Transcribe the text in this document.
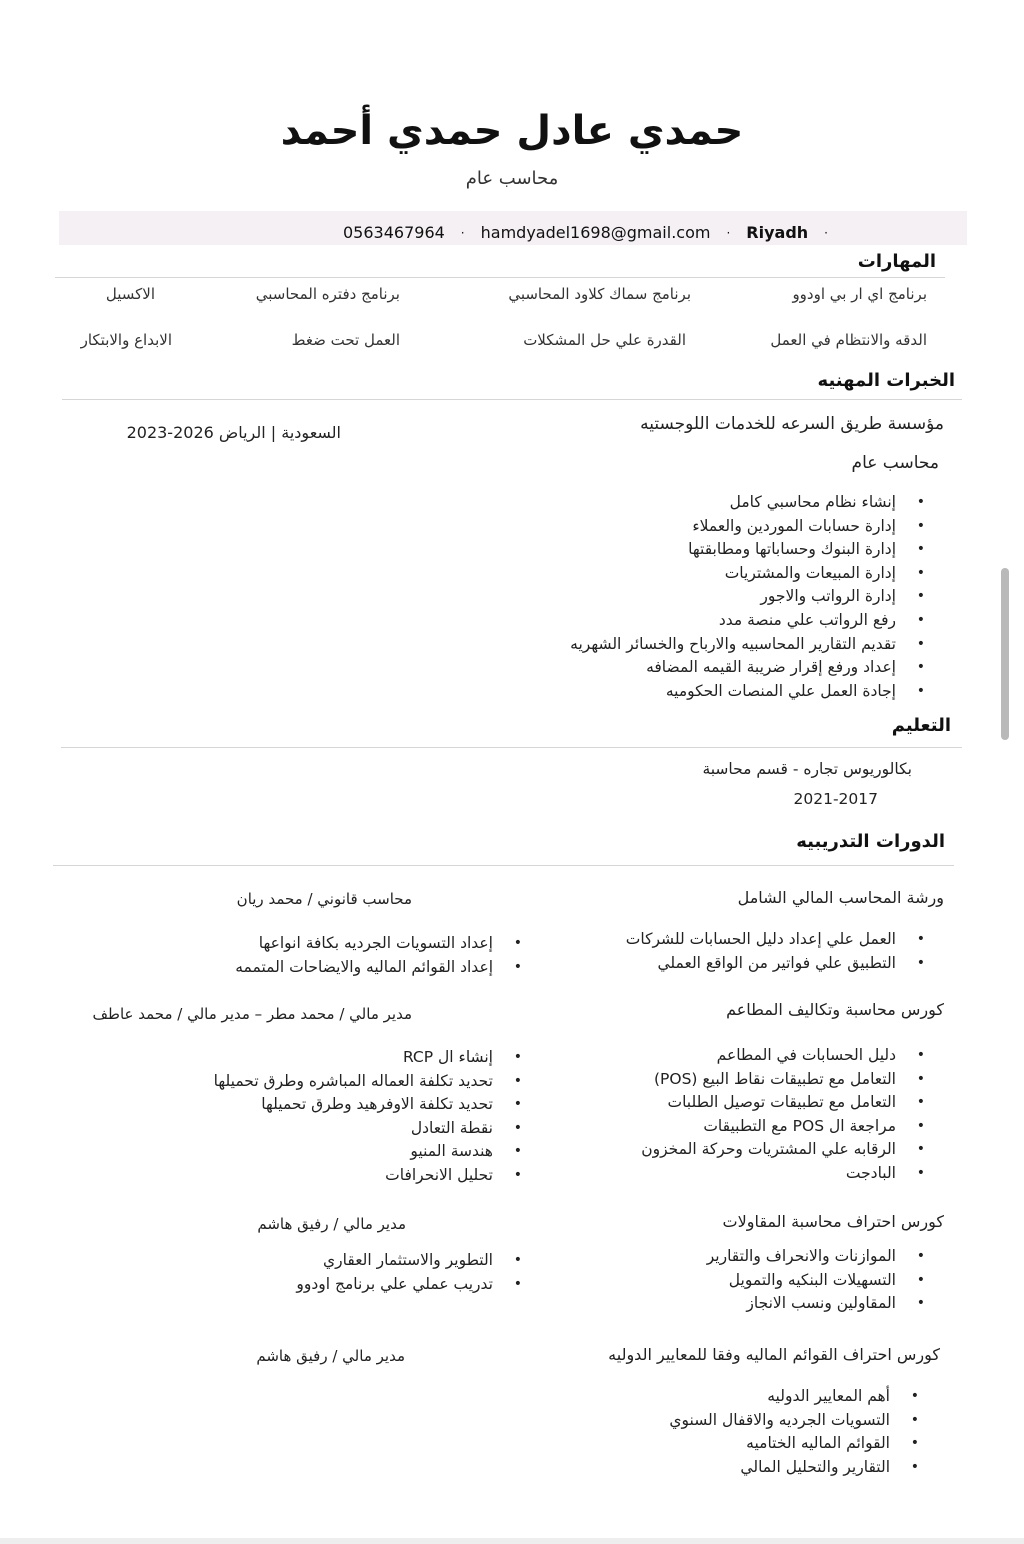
حمدي عادل حمدي أحمد
محاسب عام
0563467964 · hamdyadel1698@gmail.com · Riyadh ·
المهارات
برنامج اي ار بي اودوو
برنامج سماك كلاود المحاسبي
برنامج دفتره المحاسبي
الاكسيل
الدقه والانتظام في العمل
القدرة علي حل المشكلات
العمل تحت ضغط
الابداع والابتكار
الخبرات المهنيه
مؤسسة طريق السرعه للخدمات اللوجستيه
السعودية | الرياض 2026-2023
محاسب عام
• إنشاء نظام محاسبي كامل
• إدارة حسابات الموردين والعملاء
• إدارة البنوك وحساباتها ومطابقتها
• إدارة المبيعات والمشتريات
• إدارة الرواتب والاجور
• رفع الرواتب علي منصة مدد
• تقديم التقارير المحاسبيه والارباح والخسائر الشهريه
• إعداد ورفع إقرار ضريبة القيمه المضافه
• إجادة العمل علي المنصات الحكوميه
التعليم
بكالوريوس تجاره - قسم محاسبة
2021-2017
الدورات التدريبيه
ورشة المحاسب المالي الشامل
محاسب قانوني / محمد ريان
• العمل علي إعداد دليل الحسابات للشركات
• التطبيق علي فواتير من الواقع العملي
• إعداد التسويات الجرديه بكافة انواعها
• إعداد القوائم الماليه والايضاحات المتممه
كورس محاسبة وتكاليف المطاعم
مدير مالي / محمد مطر – مدير مالي / محمد عاطف
• دليل الحسابات في المطاعم
• التعامل مع تطبيقات نقاط البيع (POS)
• التعامل مع تطبيقات توصيل الطلبات
• مراجعة ال POS مع التطبيقات
• الرقابه علي المشتريات وحركة المخزون
• البادجت
• إنشاء ال RCP
• تحديد تكلفة العماله المباشره وطرق تحميلها
• تحديد تكلفة الاوفرهيد وطرق تحميلها
• نقطة التعادل
• هندسة المنيو
• تحليل الانحرافات
كورس احتراف محاسبة المقاولات
مدير مالي / رفيق هاشم
• الموازنات والانحراف والتقارير
• التسهيلات البنكيه والتمويل
• المقاولين ونسب الانجاز
• التطوير والاستثمار العقاري
• تدريب عملي علي برنامج اودوو
كورس احتراف القوائم الماليه وفقا للمعايير الدوليه
مدير مالي / رفيق هاشم
• أهم المعايير الدوليه
• التسويات الجرديه والاقفال السنوي
• القوائم الماليه الختاميه
• التقارير والتحليل المالي
